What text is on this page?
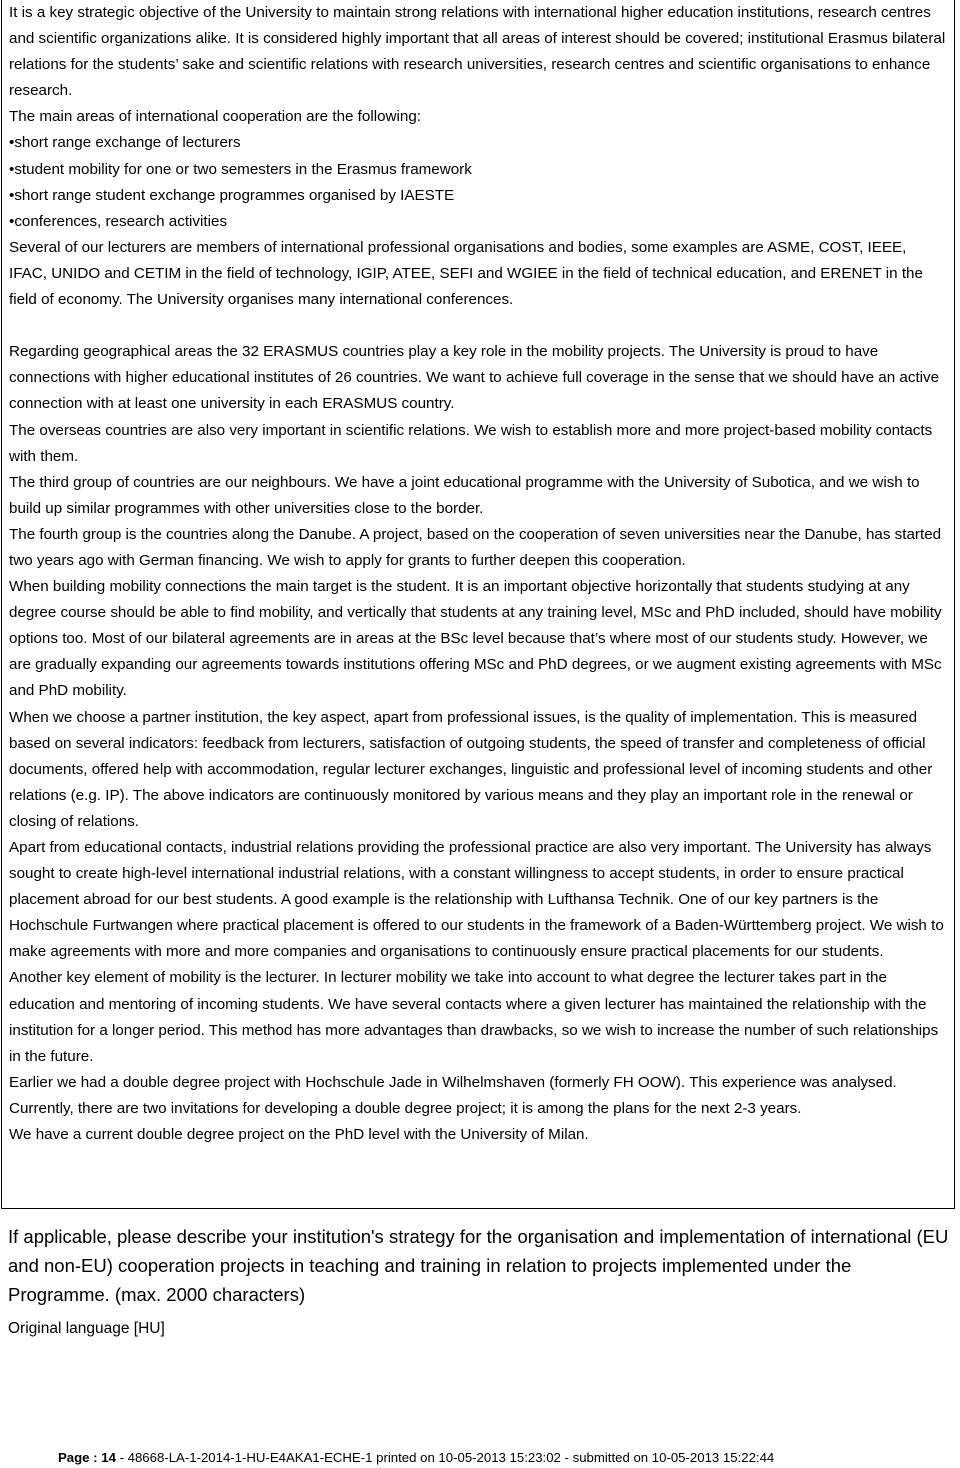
It is a key strategic objective of the University to maintain strong relations with international higher education institutions, research centres and scientific organizations alike. It is considered highly important that all areas of interest should be covered; institutional Erasmus bilateral relations for the students’ sake and scientific relations with research universities, research centres and scientific organisations to enhance research.

The main areas of international cooperation are the following:

•short range exchange of lecturers

•student mobility for one or two semesters in the Erasmus framework

•short range student exchange programmes organised by IAESTE

•conferences, research activities

Several of our lecturers are members of international professional organisations and bodies, some examples are ASME, COST, IEEE, IFAC, UNIDO and CETIM in the field of technology, IGIP, ATEE, SEFI and WGIEE in the field of technical education, and ERENET in the field of economy. The University organises many international conferences.

Regarding geographical areas the 32 ERASMUS countries play a key role in the mobility projects. The University is proud to have connections with higher educational institutes of 26 countries. We want to achieve full coverage in the sense that we should have an active connection with at least one university in each ERASMUS country.

The overseas countries are also very important in scientific relations. We wish to establish more and more project-based mobility contacts with them.

The third group of countries are our neighbours. We have a joint educational programme with the University of Subotica, and we wish to build up similar programmes with other universities close to the border.

The fourth group is the countries along the Danube. A project, based on the cooperation of seven universities near the Danube, has started two years ago with German financing. We wish to apply for grants to further deepen this cooperation.

When building mobility connections the main target is the student. It is an important objective horizontally that students studying at any degree course should be able to find mobility, and vertically that students at any training level, MSc and PhD included, should have mobility options too. Most of our bilateral agreements are in areas at the BSc level because that’s where most of our students study. However, we are gradually expanding our agreements towards institutions offering MSc and PhD degrees, or we augment existing agreements with MSc and PhD mobility.

When we choose a partner institution, the key aspect, apart from professional issues, is the quality of implementation. This is measured based on several indicators: feedback from lecturers, satisfaction of outgoing students, the speed of transfer and completeness of official documents, offered help with accommodation, regular lecturer exchanges, linguistic and professional level of incoming students and other relations (e.g. IP). The above indicators are continuously monitored by various means and they play an important role in the renewal or closing of relations.

Apart from educational contacts, industrial relations providing the professional practice are also very important. The University has always sought to create high-level international industrial relations, with a constant willingness to accept students, in order to ensure practical placement abroad for our best students. A good example is the relationship with Lufthansa Technik. One of our key partners is the Hochschule Furtwangen where practical placement is offered to our students in the framework of a Baden-Württemberg project. We wish to make agreements with more and more companies and organisations to continuously ensure practical placements for our students.

Another key element of mobility is the lecturer. In lecturer mobility we take into account to what degree the lecturer takes part in the education and mentoring of incoming students. We have several contacts where a given lecturer has maintained the relationship with the institution for a longer period. This method has more advantages than drawbacks, so we wish to increase the number of such relationships in the future.

Earlier we had a double degree project with Hochschule Jade in Wilhelmshaven (formerly FH OOW). This experience was analysed. Currently, there are two invitations for developing a double degree project; it is among the plans for the next 2-3 years.

We have a current double degree project on the PhD level with the University of Milan.

If applicable, please describe your institution's strategy for the organisation and implementation of international (EU and non-EU) cooperation projects in teaching and training in relation to projects implemented under the Programme. (max. 2000 characters)

Original language [HU]

Page : 14 - 48668-LA-1-2014-1-HU-E4AKA1-ECHE-1 printed on 10-05-2013 15:23:02 - submitted on 10-05-2013 15:22:44
